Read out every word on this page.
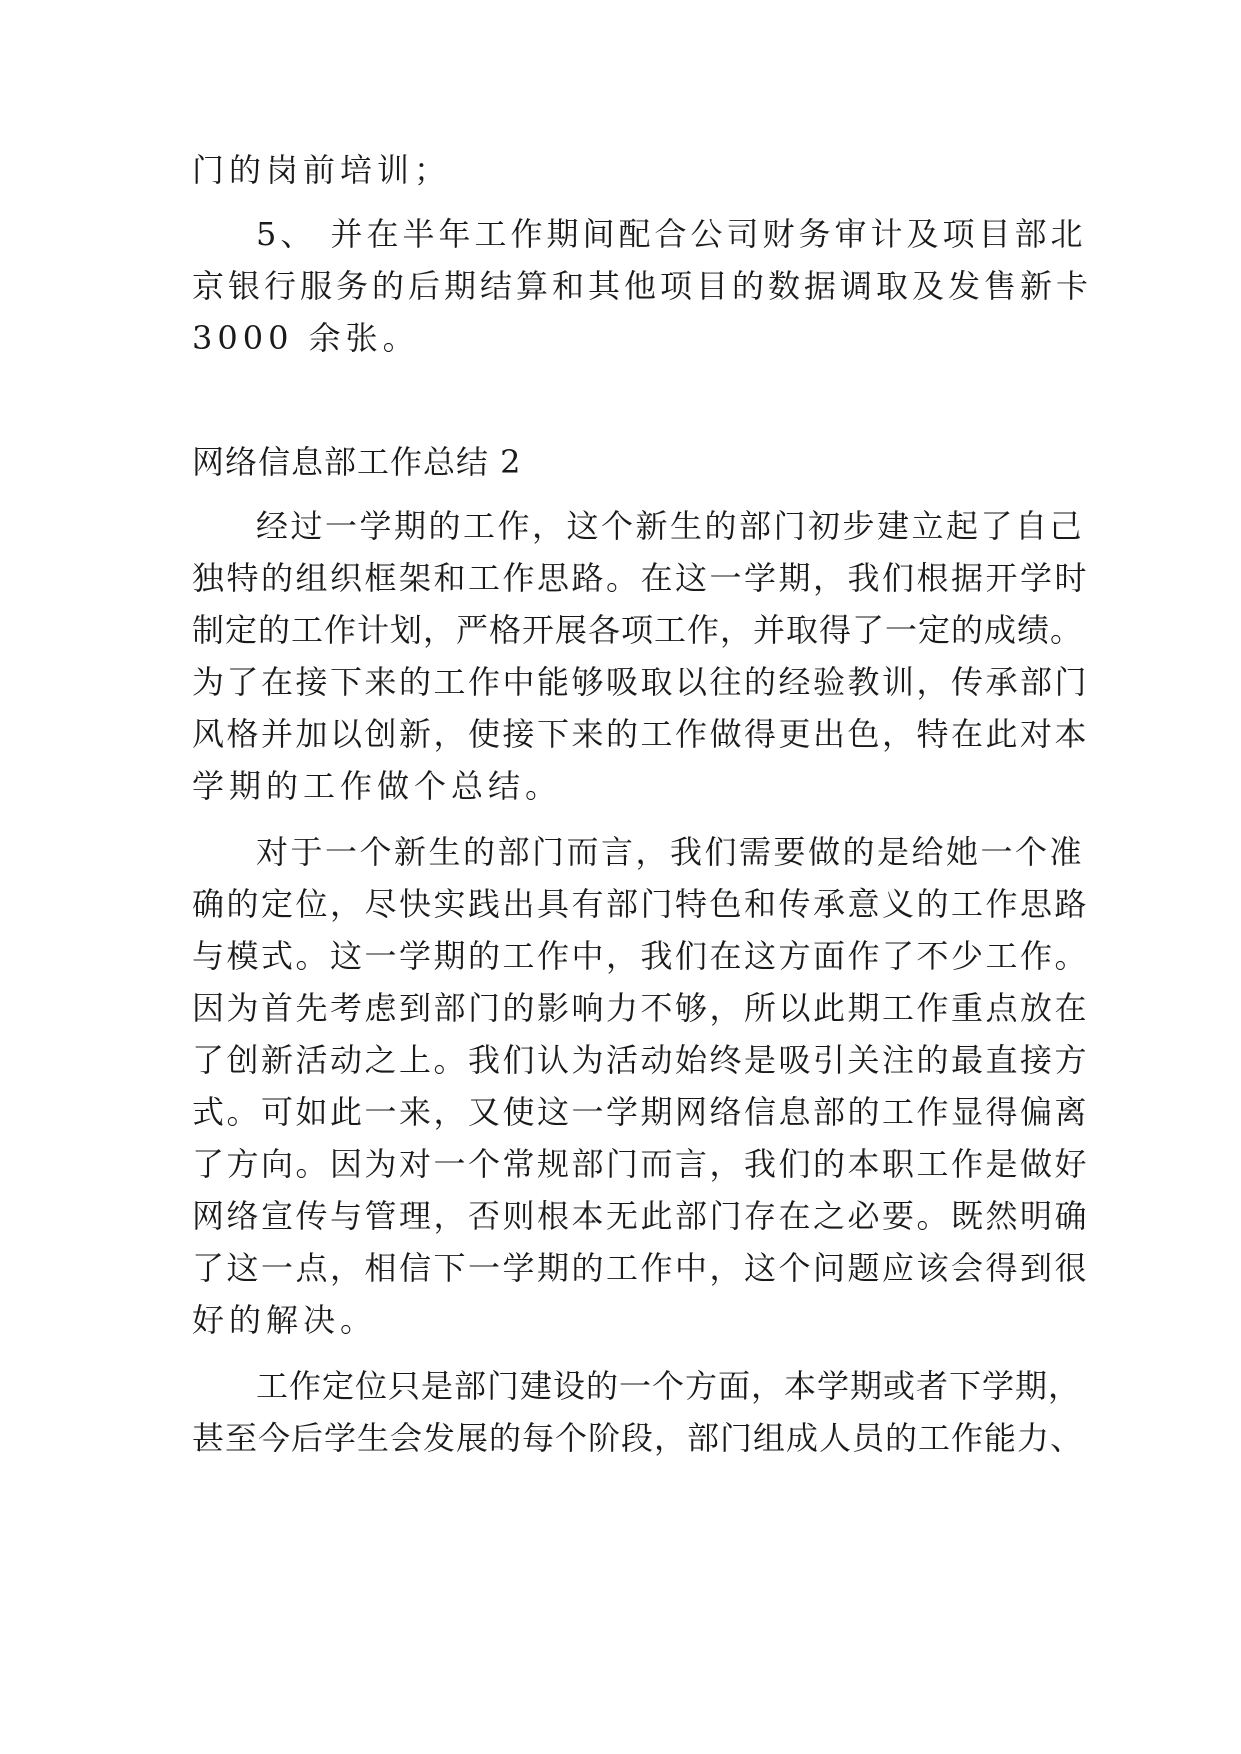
门的岗前培训；
5、 并在半年工作期间配合公司财务审计及项目部北
京银行服务的后期结算和其他项目的数据调取及发售新卡
3000 余张。
网络信息部工作总结 2
经过一学期的工作，这个新生的部门初步建立起了自己
独特的组织框架和工作思路。在这一学期，我们根据开学时
制定的工作计划，严格开展各项工作，并取得了一定的成绩。
为了在接下来的工作中能够吸取以往的经验教训，传承部门
风格并加以创新，使接下来的工作做得更出色，特在此对本
学期的工作做个总结。
对于一个新生的部门而言，我们需要做的是给她一个准
确的定位，尽快实践出具有部门特色和传承意义的工作思路
与模式。这一学期的工作中，我们在这方面作了不少工作。
因为首先考虑到部门的影响力不够，所以此期工作重点放在
了创新活动之上。我们认为活动始终是吸引关注的最直接方
式。可如此一来，又使这一学期网络信息部的工作显得偏离
了方向。因为对一个常规部门而言，我们的本职工作是做好
网络宣传与管理，否则根本无此部门存在之必要。既然明确
了这一点，相信下一学期的工作中，这个问题应该会得到很
好的解决。
工作定位只是部门建设的一个方面，本学期或者下学期，
甚至今后学生会发展的每个阶段，部门组成人员的工作能力、
